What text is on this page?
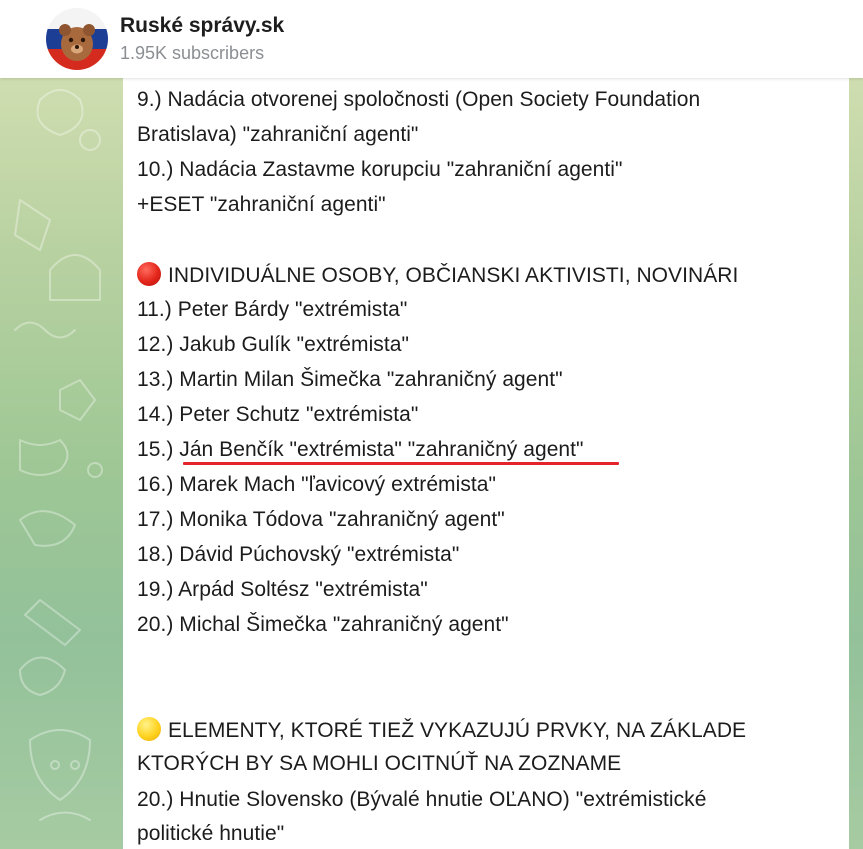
Ruské správy.sk
1.95K subscribers
9.) Nadácia otvorenej spoločnosti (Open Society Foundation
Bratislava) "zahraniční agenti"
10.) Nadácia Zastavme korupciu "zahraniční agenti"
+ESET "zahraniční agenti"
INDIVIDUÁLNE OSOBY, OBČIANSKI AKTIVISTI, NOVINÁRI
11.) Peter Bárdy "extrémista"
12.) Jakub Gulík "extrémista"
13.) Martin Milan Šimečka "zahraničný agent"
14.) Peter Schutz "extrémista"
15.) Ján Benčík "extrémista" "zahraničný agent"
16.) Marek Mach "ľavicový extrémista"
17.) Monika Tódova "zahraničný agent"
18.) Dávid Púchovský "extrémista"
19.) Arpád Soltész "extrémista"
20.) Michal Šimečka "zahraničný agent"
ELEMENTY, KTORÉ TIEŽ VYKAZUJÚ PRVKY, NA ZÁKLADE
KTORÝCH BY SA MOHLI OCITNÚŤ NA ZOZNAME
20.) Hnutie Slovensko (Bývalé hnutie OĽANO) "extrémistické
politické hnutie"
